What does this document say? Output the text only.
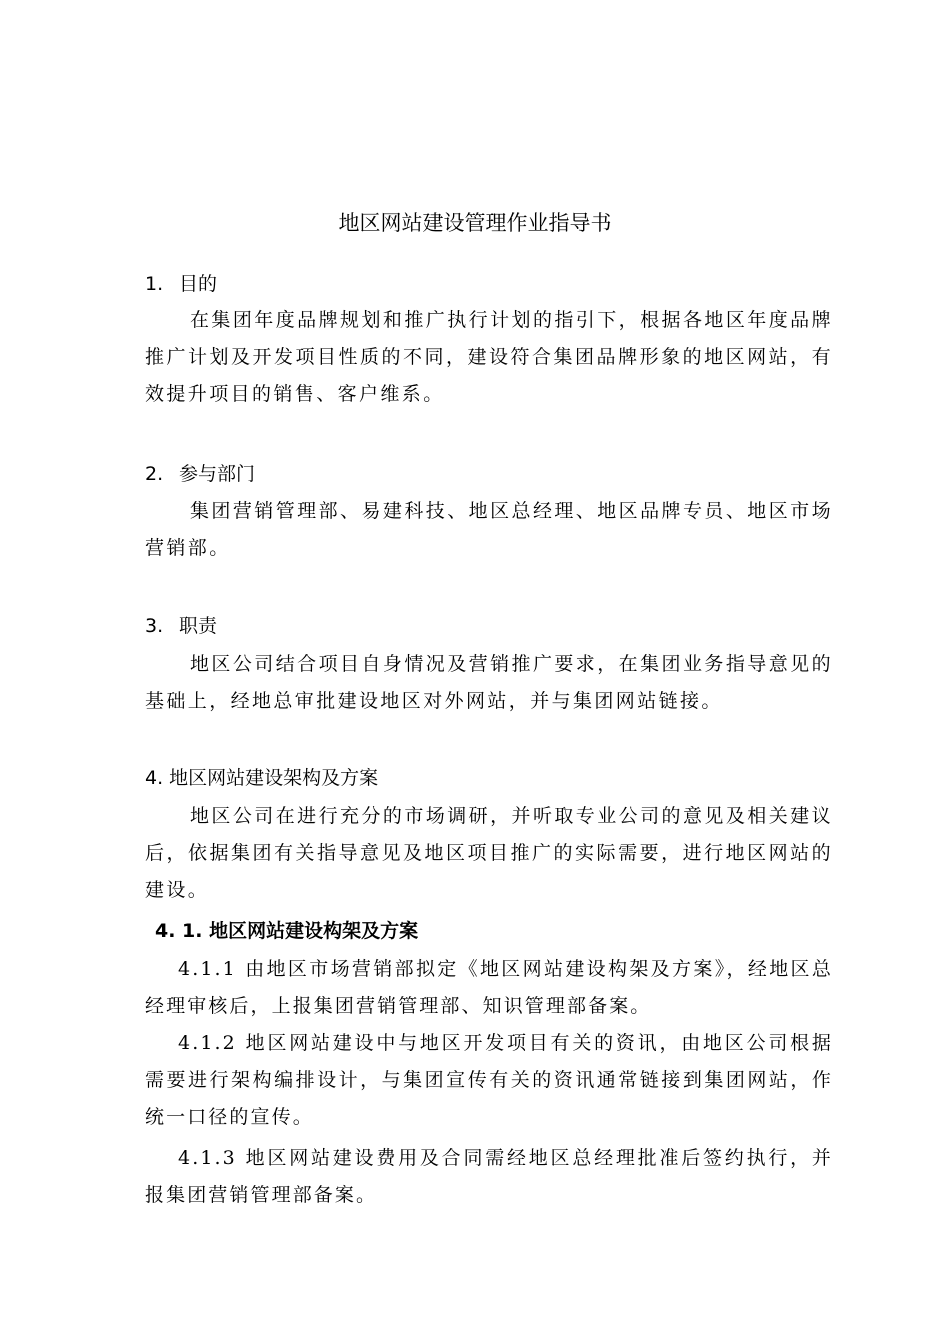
地区网站建设管理作业指导书
1. 目的
在集团年度品牌规划和推广执行计划的指引下，根据各地区年度品牌推广计划及开发项目性质的不同，建设符合集团品牌形象的地区网站，有效提升项目的销售、客户维系。
2. 参与部门
集团营销管理部、易建科技、地区总经理、地区品牌专员、地区市场营销部。
3. 职责
地区公司结合项目自身情况及营销推广要求，在集团业务指导意见的基础上，经地总审批建设地区对外网站，并与集团网站链接。
4. 地区网站建设架构及方案
地区公司在进行充分的市场调研，并听取专业公司的意见及相关建议后，依据集团有关指导意见及地区项目推广的实际需要，进行地区网站的建设。
4. 1. 地区网站建设构架及方案
4.1.1 由地区市场营销部拟定《地区网站建设构架及方案》，经地区总经理审核后，上报集团营销管理部、知识管理部备案。
4.1.2 地区网站建设中与地区开发项目有关的资讯，由地区公司根据需要进行架构编排设计，与集团宣传有关的资讯通常链接到集团网站，作统一口径的宣传。
4.1.3 地区网站建设费用及合同需经地区总经理批准后签约执行，并报集团营销管理部备案。
